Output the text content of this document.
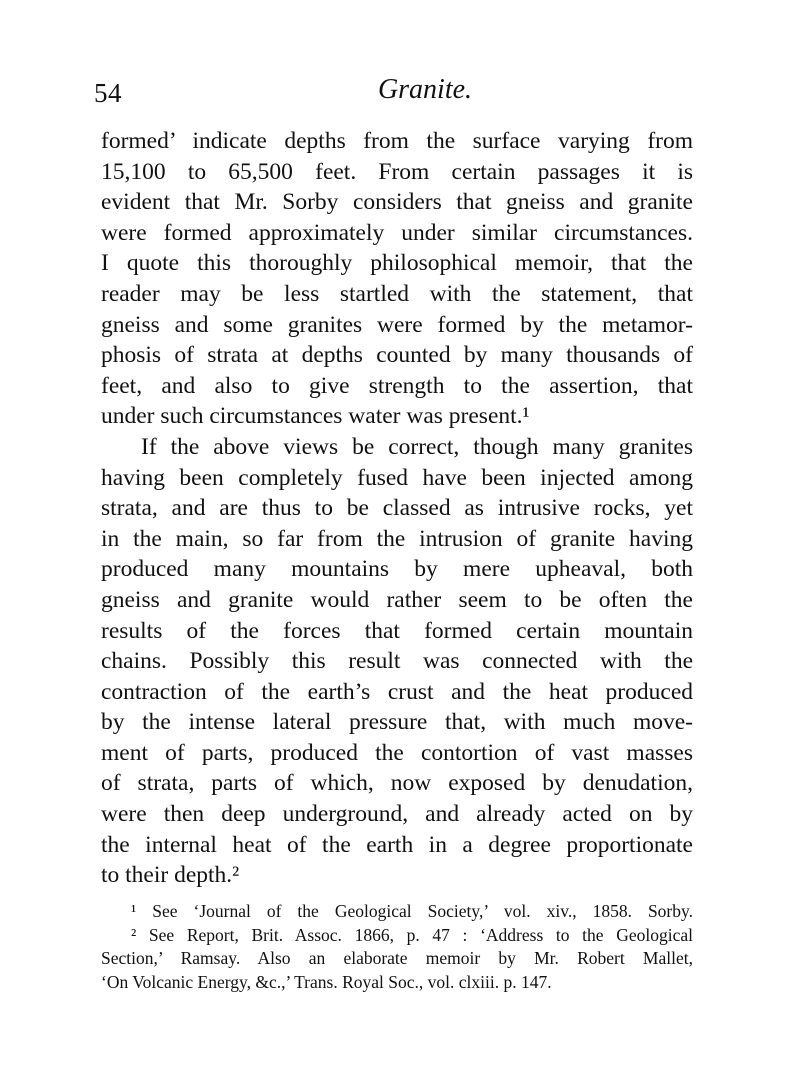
54	Granite.
formed’ indicate depths from the surface varying from
15,100 to 65,500 feet. From certain passages it is
evident that Mr. Sorby considers that gneiss and granite
were formed approximately under similar circumstances.
I quote this thoroughly philosophical memoir, that the
reader may be less startled with the statement, that
gneiss and some granites were formed by the metamor-
phosis of strata at depths counted by many thousands of
feet, and also to give strength to the assertion, that
under such circumstances water was present.¹
If the above views be correct, though many granites
having been completely fused have been injected among
strata, and are thus to be classed as intrusive rocks, yet
in the main, so far from the intrusion of granite having
produced many mountains by mere upheaval, both
gneiss and granite would rather seem to be often the
results of the forces that formed certain mountain
chains. Possibly this result was connected with the
contraction of the earth’s crust and the heat produced
by the intense lateral pressure that, with much move-
ment of parts, produced the contortion of vast masses
of strata, parts of which, now exposed by denudation,
were then deep underground, and already acted on by
the internal heat of the earth in a degree proportionate
to their depth.²
¹ See ‘Journal of the Geological Society,’ vol. xiv., 1858. Sorby.
² See Report, Brit. Assoc. 1866, p. 47 : ‘Address to the Geological
Section,’ Ramsay. Also an elaborate memoir by Mr. Robert Mallet,
‘On Volcanic Energy, &c.,’ Trans. Royal Soc., vol. clxiii. p. 147.
